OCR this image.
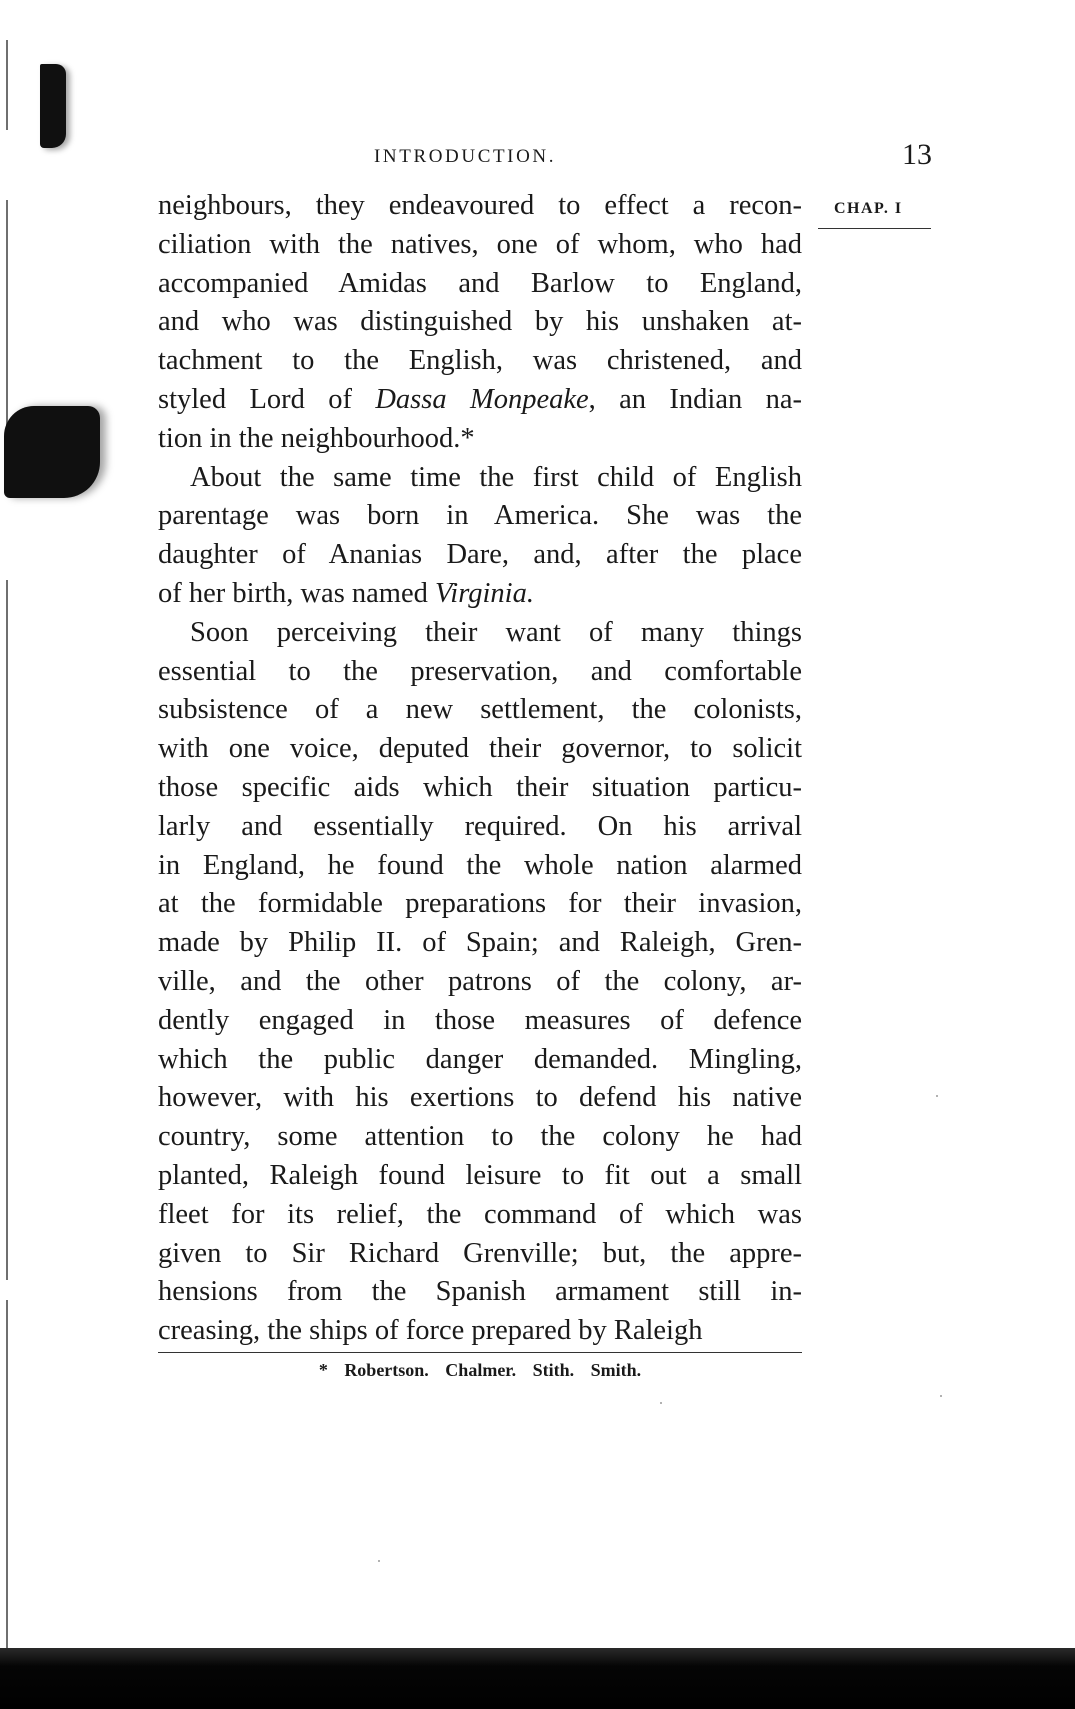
INTRODUCTION.	13
CHAP. I
neighbours, they endeavoured to effect a recon-
ciliation with the natives, one of whom, who had
accompanied Amidas and Barlow to England,
and who was distinguished by his unshaken at-
tachment to the English, was christened, and
styled Lord of Dassa Monpeake, an Indian na-
tion in the neighbourhood.*
About the same time the first child of English
parentage was born in America. She was the
daughter of Ananias Dare, and, after the place
of her birth, was named Virginia.
Soon perceiving their want of many things
essential to the preservation, and comfortable
subsistence of a new settlement, the colonists,
with one voice, deputed their governor, to solicit
those specific aids which their situation particu-
larly and essentially required. On his arrival
in England, he found the whole nation alarmed
at the formidable preparations for their invasion,
made by Philip II. of Spain; and Raleigh, Gren-
ville, and the other patrons of the colony, ar-
dently engaged in those measures of defence
which the public danger demanded. Mingling,
however, with his exertions to defend his native
country, some attention to the colony he had
planted, Raleigh found leisure to fit out a small
fleet for its relief, the command of which was
given to Sir Richard Grenville; but, the appre-
hensions from the Spanish armament still in-
creasing, the ships of force prepared by Raleigh
* Robertson. Chalmer. Stith. Smith.
